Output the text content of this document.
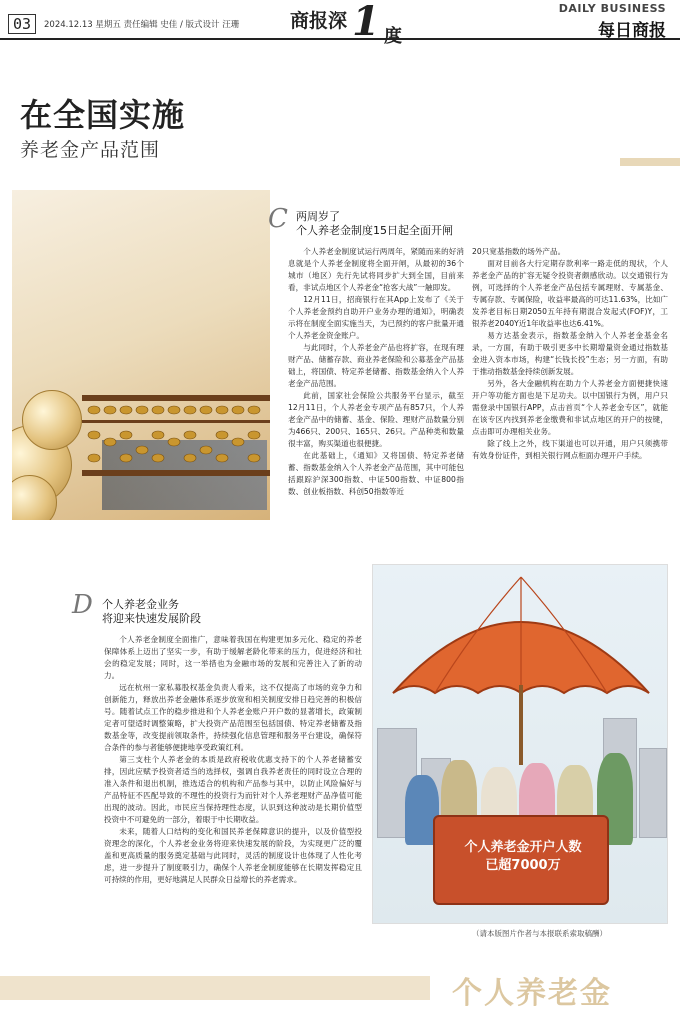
03	2024.12.13 星期五 责任编辑 史佳 / 版式设计 汪珊	商报深 1 度
DAILY BUSINESS
每日商报
在全国实施
养老金产品范围
C 两周岁了
个人养老金制度15日起全面开闸

个人养老金制度试运行两周年，紧随而来的好消息就是个人养老金制度将全面开闸，从最初的36个城市（地区）先行先试将同步扩大到全国，目前来看，非试点地区个人养老金“抢客大战”一触即发。

12月11日，招商银行在其App上发布了《关于个人养老金预约自助开户业务办理的通知》，明确表示将在制度全面实施当天，为已预约的客户批量开通个人养老金资金账户。

与此同时，个人养老金产品也将扩容，在现有理财产品、储蓄存款、商业养老保险和公募基金产品基础上，将国债、特定养老储蓄、指数基金纳入个人养老金产品范围。

此前，国家社会保险公共服务平台显示，截至12月11日，个人养老金专项产品有857只，个人养老金产品中的储蓄、基金、保险、理财产品数量分别为466只、200只、165只、26只。产品种类和数量很丰富，购买渠道也很便捷。

在此基础上，《通知》又将国债、特定养老储蓄、指数基金纳入个人养老金产品范围，其中可能包括跟踪沪深300指数、中证500指数、中证800指数、创业板指数、科创50指数等近

20只宽基指数的场外产品。

面对目前各大行定期存款利率一路走低的现状，个人养老金产品的扩容无疑令投资者颇感欣动。以交通银行为例，可选择的个人养老金产品包括专属理财、专属基金、专属存款、专属保险，收益率最高的可达11.63%，比如广发养老目标日期2050五年持有期混合发起式(FOF)Y，工银养老2040Y近1年收益率也达6.41%。

易方达基金表示，指数基金纳入个人养老金基金名录，一方面，有助于吸引更多中长期增量资金通过指数基金进入资本市场，构建“长钱长投”生态；另一方面，有助于推动指数基金持续创新发展。

另外，各大金融机构在助力个人养老金方面便捷快速开户等功能方面也是下足功夫。以中国银行为例，用户只需登录中国银行APP，点击首页“个人养老金专区”，就能在该专区内找到养老金缴费和非试点地区的开户的按键，点击即可办理相关业务。

除了线上之外，线下渠道也可以开通，用户只须携带有效身份证件，到相关银行网点柜面办理开户手续。

D 个人养老金业务
将迎来快速发展阶段

个人养老金制度全面推广，意味着我国在构建更加多元化、稳定的养老保障体系上迈出了坚实一步，有助于缓解老龄化带来的压力，促进经济和社会的稳定发展；同时，这一举措也为金融市场的发展和完善注入了新的动力。

远在杭州一家私募股权基金负责人看来，这不仅提高了市场的竞争力和创新能力，释放出养老金融体系逐步放宽和相关制度安排日趋完善的积极信号。随着试点工作的稳步推进和个人养老金账户开户数的显著增长，政策制定者可望适时调整策略，扩大投资产品范围至包括国债、特定养老储蓄及指数基金等，改变提前领取条件，持续强化信息管理和服务平台建设，确保符合条件的参与者能够便捷地享受政策红利。

第三支柱个人养老金的本质是政府税收优惠支持下的个人养老储蓄安排，因此应赋予投资者适当的选择权，强调自我养老责任的同时设立合理的准入条件和退出机制，推选适合的机构和产品参与其中，以防止风险偏好与产品特征不匹配导致的不理性的投资行为而针对个人养老理财产品净值可能出现的波动。因此，市民应当保持理性态度，认识到这种波动是长期价值型投资中不可避免的一部分，着眼于中长期收益。

未来，随着人口结构的变化和国民养老保障意识的提升，以及价值型投资理念的深化，个人养老金业务将迎来快速发展的阶段，为实现更广泛的覆盖和更高质量的服务奠定基础与此同时，灵活的制度设计也体现了人性化考虑，进一步提升了制度吸引力，确保个人养老金制度能够在长期发挥稳定且可持续的作用，更好地满足人民群众日益增长的养老需求。

个人养老金开户人数
已超7000万
（请本版图片作者与本报联系索取稿酬）
个人养老金
